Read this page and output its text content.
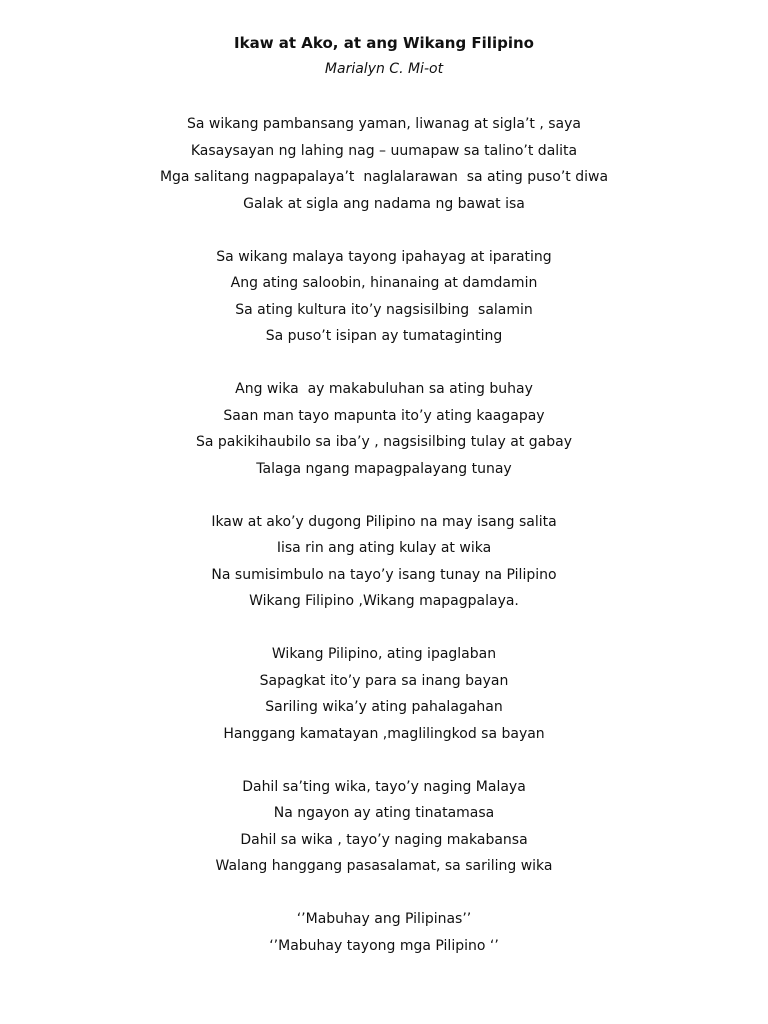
Ikaw at Ako, at ang Wikang Filipino

Marialyn C. Mi-ot

Sa wikang pambansang yaman, liwanag at sigla’t , saya

Kasaysayan ng lahing nag – uumapaw sa talino’t dalita

Mga salitang nagpapalaya’t  naglalarawan  sa ating puso’t diwa

Galak at sigla ang nadama ng bawat isa

Sa wikang malaya tayong ipahayag at iparating

Ang ating saloobin, hinanaing at damdamin

Sa ating kultura ito’y nagsisilbing  salamin

Sa puso’t isipan ay tumataginting

Ang wika  ay makabuluhan sa ating buhay

Saan man tayo mapunta ito’y ating kaagapay

Sa pakikihaubilo sa iba’y , nagsisilbing tulay at gabay

Talaga ngang mapagpalayang tunay

Ikaw at ako’y dugong Pilipino na may isang salita

Iisa rin ang ating kulay at wika

Na sumisimbulo na tayo’y isang tunay na Pilipino

Wikang Filipino ,Wikang mapagpalaya.

Wikang Pilipino, ating ipaglaban

Sapagkat ito’y para sa inang bayan

Sariling wika’y ating pahalagahan

Hanggang kamatayan ,maglilingkod sa bayan

Dahil sa’ting wika, tayo’y naging Malaya

Na ngayon ay ating tinatamasa

Dahil sa wika , tayo’y naging makabansa

Walang hanggang pasasalamat, sa sariling wika

‘’Mabuhay ang Pilipinas’’

‘’Mabuhay tayong mga Pilipino ‘’
